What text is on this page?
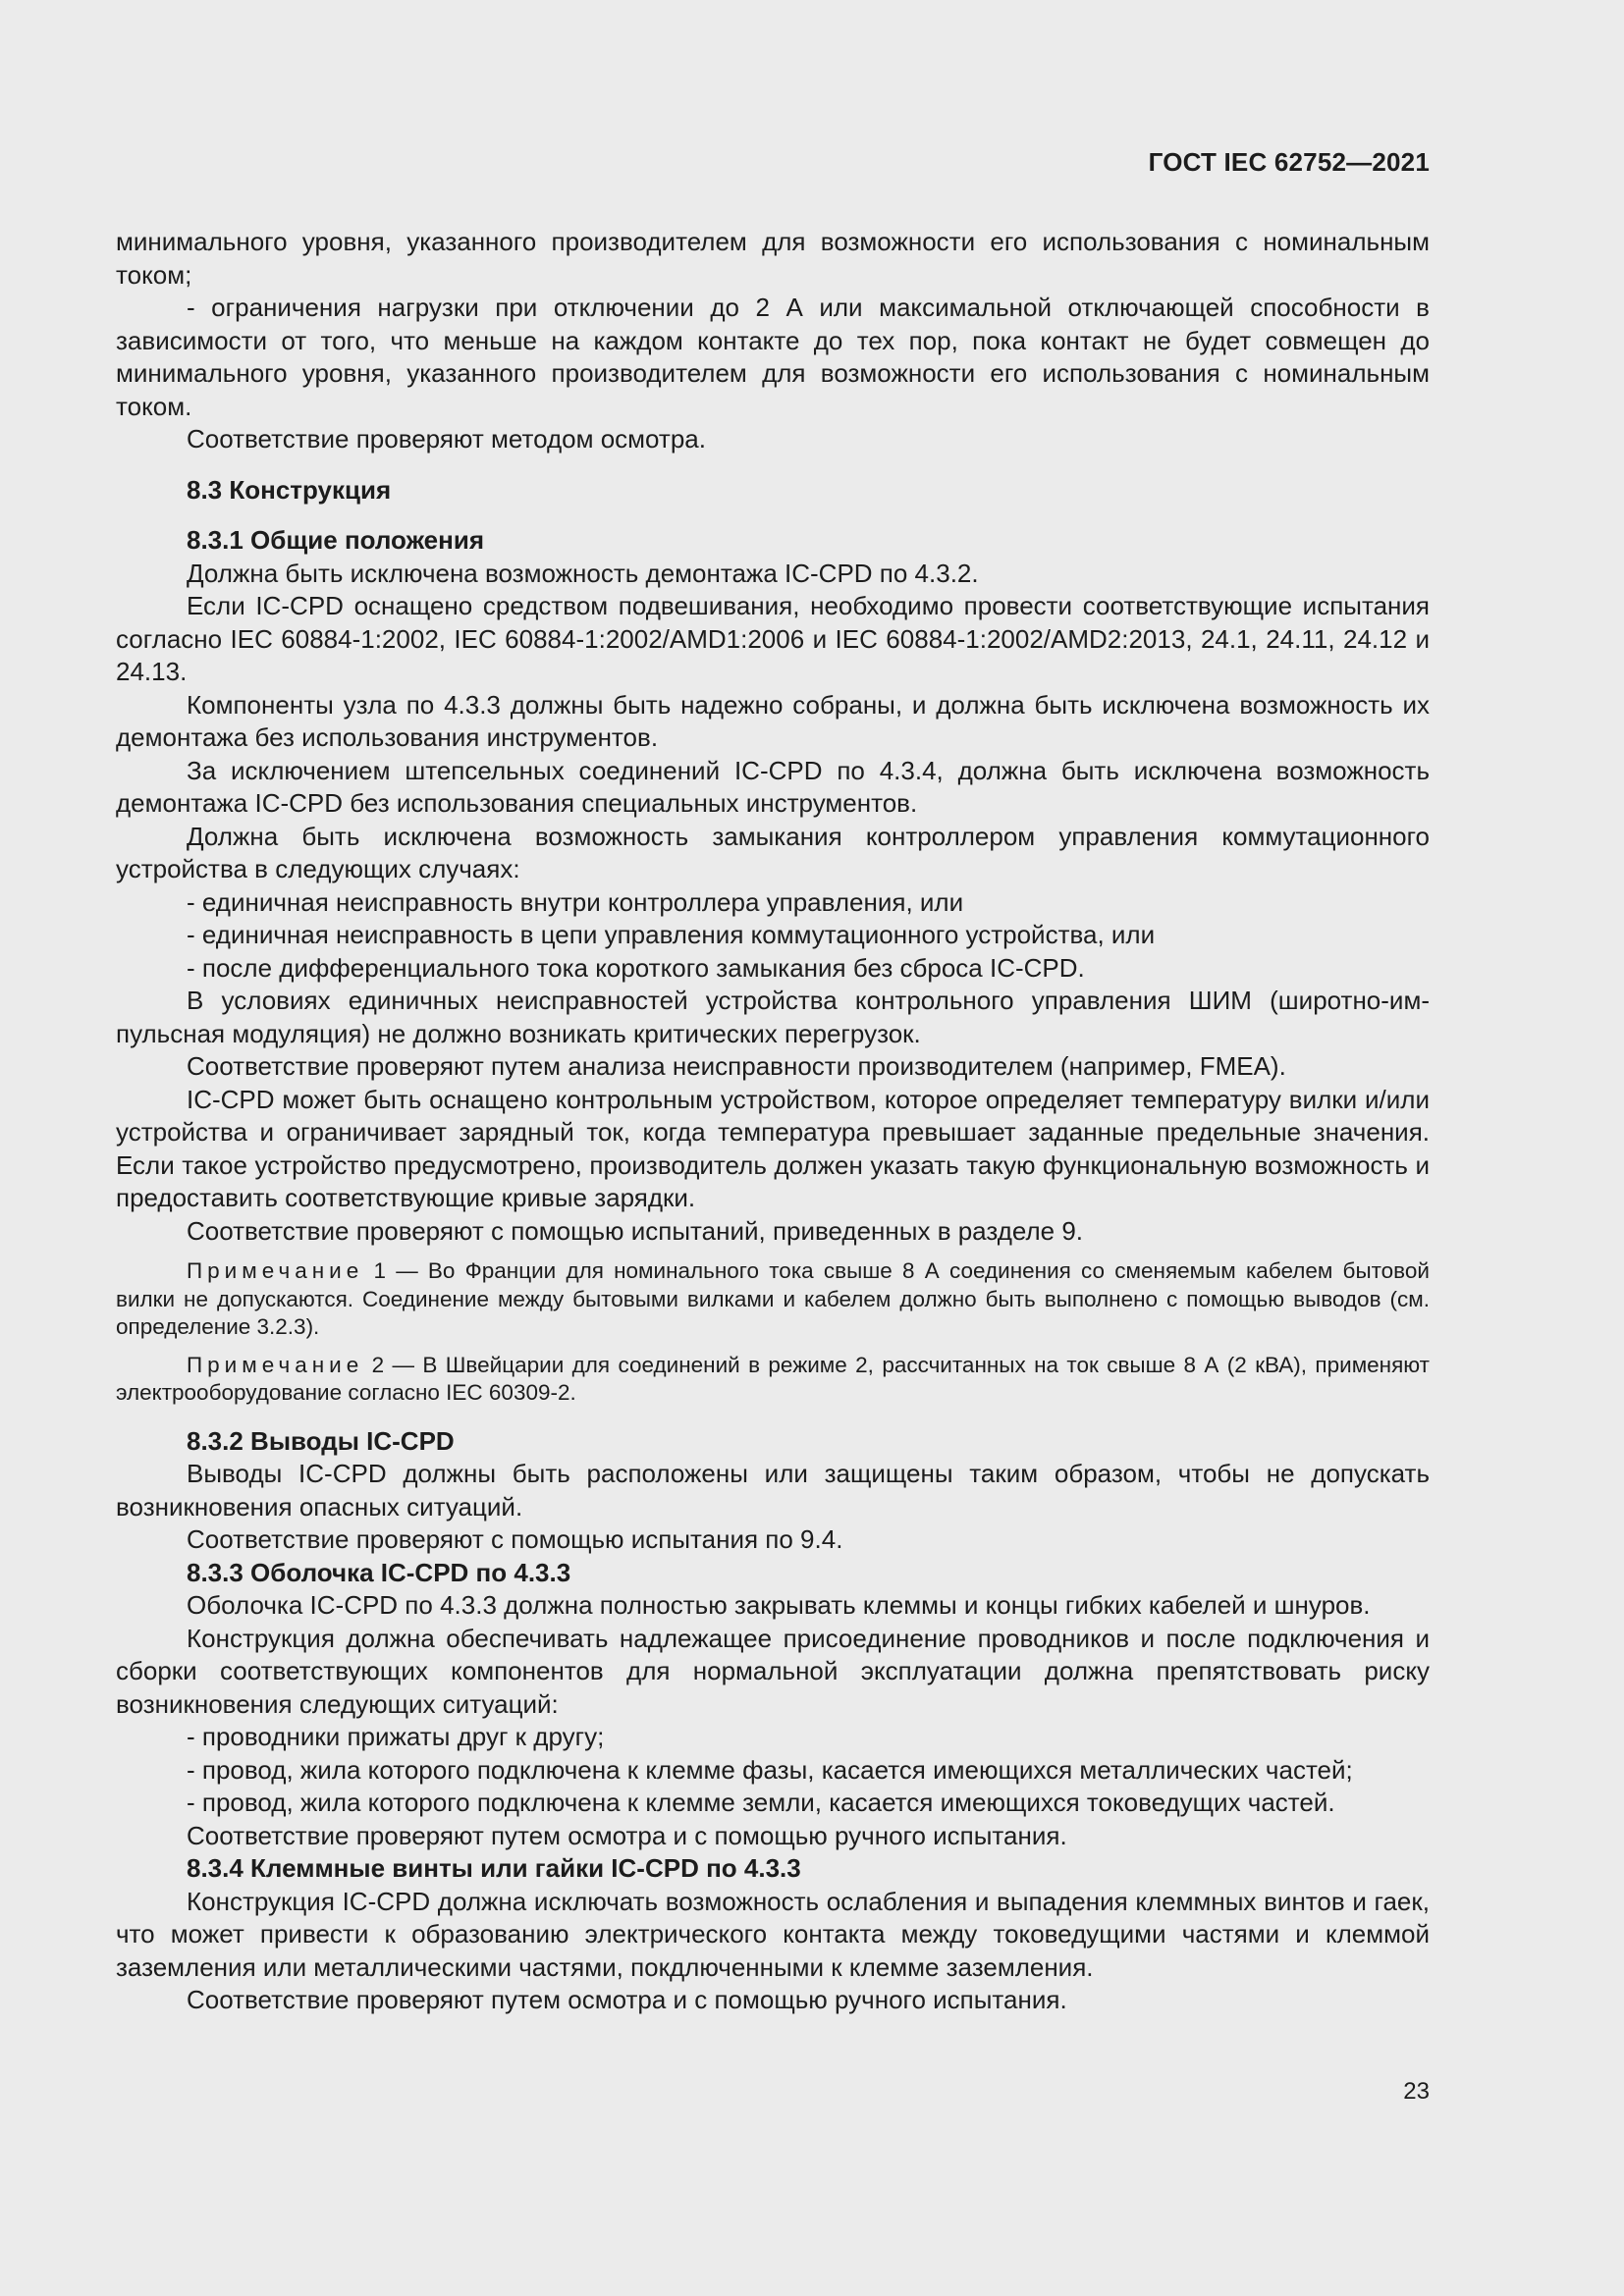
ГОСТ IEC 62752—2021

минимального уровня, указанного производителем для возможности его использования с номинальным током;

- ограничения нагрузки при отключении до 2 А или максимальной отключающей способности в зависимости от того, что меньше на каждом контакте до тех пор, пока контакт не будет совмещен до минимального уровня, указанного производителем для возможности его использования с номинальным током.

Соответствие проверяют методом осмотра.

8.3 Конструкция

8.3.1 Общие положения

Должна быть исключена возможность демонтажа IC-CPD по 4.3.2.

Если IC-CPD оснащено средством подвешивания, необходимо провести соответствующие испытания согласно IEC 60884-1:2002, IEC 60884-1:2002/AMD1:2006 и IEC 60884-1:2002/AMD2:2013, 24.1, 24.11, 24.12 и 24.13.

Компоненты узла по 4.3.3 должны быть надежно собраны, и должна быть исключена возможность их демонтажа без использования инструментов.

За исключением штепсельных соединений IC-CPD по 4.3.4, должна быть исключена возможность демонтажа IC-CPD без использования специальных инструментов.

Должна быть исключена возможность замыкания контроллером управления коммутационного устройства в следующих случаях:

- единичная неисправность внутри контроллера управления, или

- единичная неисправность в цепи управления коммутационного устройства, или

- после дифференциального тока короткого замыкания без сброса IC-CPD.

В условиях единичных неисправностей устройства контрольного управления ШИМ (широтно-импульсная модуляция) не должно возникать критических перегрузок.

Соответствие проверяют путем анализа неисправности производителем (например, FMEA).

IC-CPD может быть оснащено контрольным устройством, которое определяет температуру вилки и/или устройства и ограничивает зарядный ток, когда температура превышает заданные предельные значения. Если такое устройство предусмотрено, производитель должен указать такую функциональную возможность и предоставить соответствующие кривые зарядки.

Соответствие проверяют с помощью испытаний, приведенных в разделе 9.

Примечание 1 — Во Франции для номинального тока свыше 8 А соединения со сменяемым кабелем бытовой вилки не допускаются. Соединение между бытовыми вилками и кабелем должно быть выполнено с помощью выводов (см. определение 3.2.3).

Примечание 2 — В Швейцарии для соединений в режиме 2, рассчитанных на ток свыше 8 А (2 кВА), применяют электрооборудование согласно IEC 60309-2.

8.3.2 Выводы IC-CPD

Выводы IC-CPD должны быть расположены или защищены таким образом, чтобы не допускать возникновения опасных ситуаций.

Соответствие проверяют с помощью испытания по 9.4.

8.3.3 Оболочка IC-CPD по 4.3.3

Оболочка IC-CPD по 4.3.3 должна полностью закрывать клеммы и концы гибких кабелей и шнуров.

Конструкция должна обеспечивать надлежащее присоединение проводников и после подключения и сборки соответствующих компонентов для нормальной эксплуатации должна препятствовать риску возникновения следующих ситуаций:

- проводники прижаты друг к другу;

- провод, жила которого подключена к клемме фазы, касается имеющихся металлических частей;

- провод, жила которого подключена к клемме земли, касается имеющихся токоведущих частей.

Соответствие проверяют путем осмотра и с помощью ручного испытания.

8.3.4 Клеммные винты или гайки IC-CPD по 4.3.3

Конструкция IC-CPD должна исключать возможность ослабления и выпадения клеммных винтов и гаек, что может привести к образованию электрического контакта между токоведущими частями и клеммой заземления или металлическими частями, покдлюченными к клемме заземления.

Соответствие проверяют путем осмотра и с помощью ручного испытания.

23
